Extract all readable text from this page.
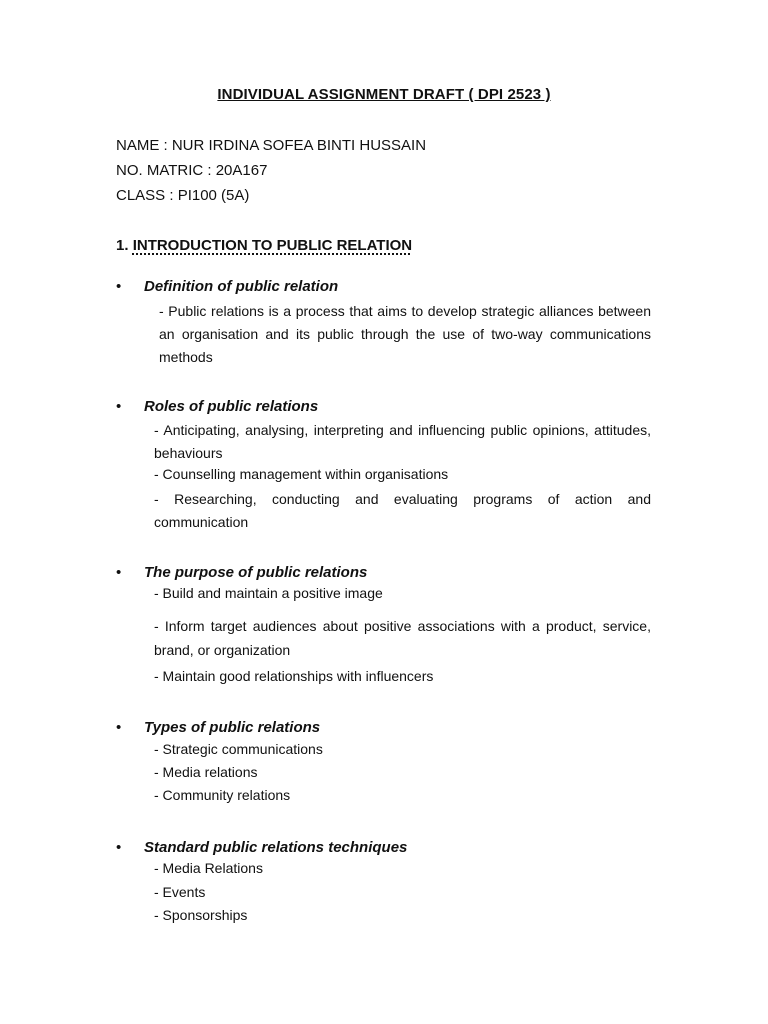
INDIVIDUAL ASSIGNMENT DRAFT ( DPI 2523 )
NAME : NUR IRDINA SOFEA BINTI HUSSAIN
NO. MATRIC : 20A167
CLASS : PI100 (5A)
1. INTRODUCTION TO PUBLIC RELATION
• Definition of public relation
- Public relations is a process that aims to develop strategic alliances between an organisation and its public through the use of two-way communications methods
• Roles of public relations
- Anticipating, analysing, interpreting and influencing public opinions, attitudes, behaviours
- Counselling management within organisations
- Researching, conducting and evaluating programs of action and communication
• The purpose of public relations
- Build and maintain a positive image
- Inform target audiences about positive associations with a product, service, brand, or organization
- Maintain good relationships with influencers
• Types of public relations
- Strategic communications
- Media relations
- Community relations
• Standard public relations techniques
- Media Relations
- Events
- Sponsorships
